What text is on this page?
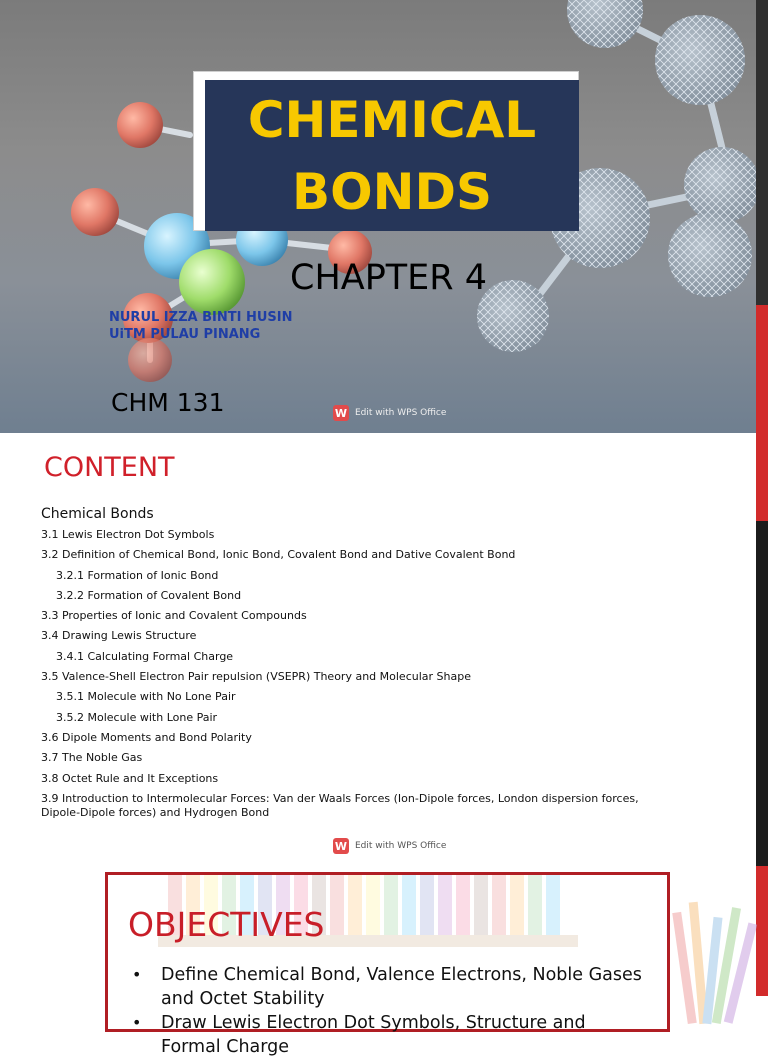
CHEMICAL
BONDS
CHAPTER 4
NURUL IZZA BINTI HUSIN
UiTM PULAU PINANG
CHM 131	W Edit with WPS Office
CONTENT
Chemical Bonds
3.1 Lewis Electron Dot Symbols
3.2 Definition of Chemical Bond, Ionic Bond, Covalent Bond and Dative Covalent Bond
3.2.1 Formation of Ionic Bond
3.2.2 Formation of Covalent Bond
3.3 Properties of Ionic and Covalent Compounds
3.4 Drawing Lewis Structure
3.4.1 Calculating Formal Charge
3.5 Valence-Shell Electron Pair repulsion (VSEPR) Theory and Molecular Shape
3.5.1 Molecule with No Lone Pair
3.5.2 Molecule with Lone Pair
3.6 Dipole Moments and Bond Polarity
3.7 The Noble Gas
3.8 Octet Rule and It Exceptions
3.9 Introduction to Intermolecular Forces: Van der Waals Forces (Ion-Dipole forces, London dispersion forces, Dipole-Dipole forces) and Hydrogen Bond
W Edit with WPS Office
OBJECTIVES
• Define Chemical Bond, Valence Electrons, Noble Gases and Octet Stability
• Draw Lewis Electron Dot Symbols, Structure and Formal Charge
